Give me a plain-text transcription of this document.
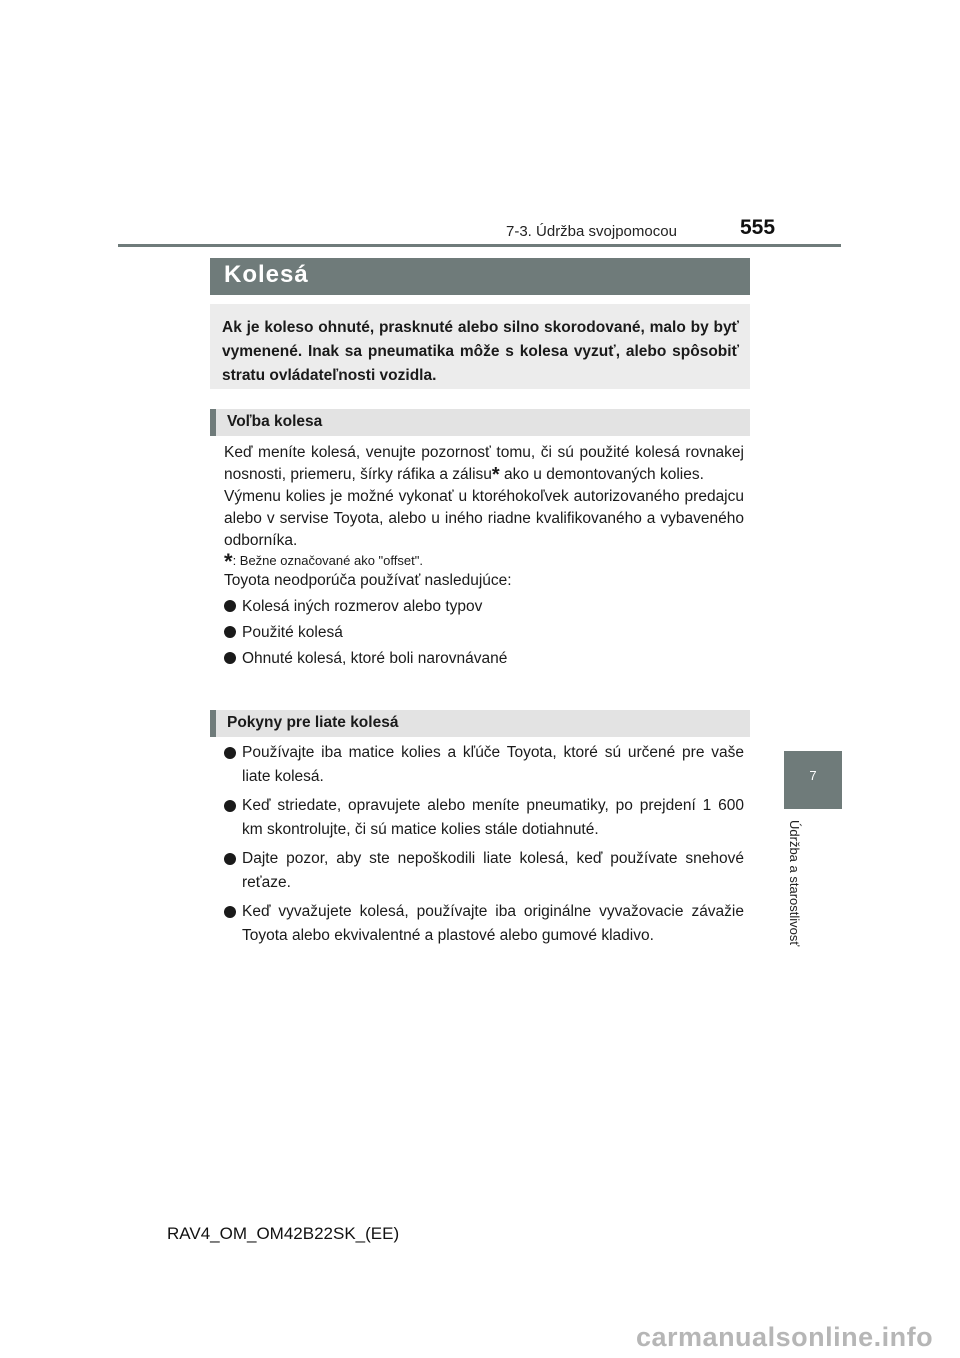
7-3. Údržba svojpomocou	555
7
Údržba a starostlivosť
Kolesá
Ak je koleso ohnuté, prasknuté alebo silno skorodované, malo by byť vymenené. Inak sa pneumatika môže s kolesa vyzuť, alebo spôsobiť stratu ovládateľnosti vozidla.
Voľba kolesa

Keď meníte kolesá, venujte pozornosť tomu, či sú použité kolesá rovnakej nosnosti, priemeru, šírky ráfika a zálisu* ako u demontovaných kolies.

Výmenu kolies je možné vykonať u ktoréhokoľvek autorizovaného predajcu alebo v servise Toyota, alebo u iného riadne kvalifikovaného a vybaveného odborníka.

*: Bežne označované ako "offset".

Toyota neodporúča používať nasledujúce:

Kolesá iných rozmerov alebo typov
Použité kolesá
Ohnuté kolesá, ktoré boli narovnávané
Pokyny pre liate kolesá
Používajte iba matice kolies a kľúče Toyota, ktoré sú určené pre vaše liate kolesá.
Keď striedate, opravujete alebo meníte pneumatiky, po prejdení 1 600 km skontrolujte, či sú matice kolies stále dotiahnuté.
Dajte pozor, aby ste nepoškodili liate kolesá, keď používate snehové reťaze.
Keď vyvažujete kolesá, používajte iba originálne vyvažovacie závažie Toyota alebo ekvivalentné a plastové alebo gumové kladivo.
RAV4_OM_OM42B22SK_(EE)
carmanualsonline.info
